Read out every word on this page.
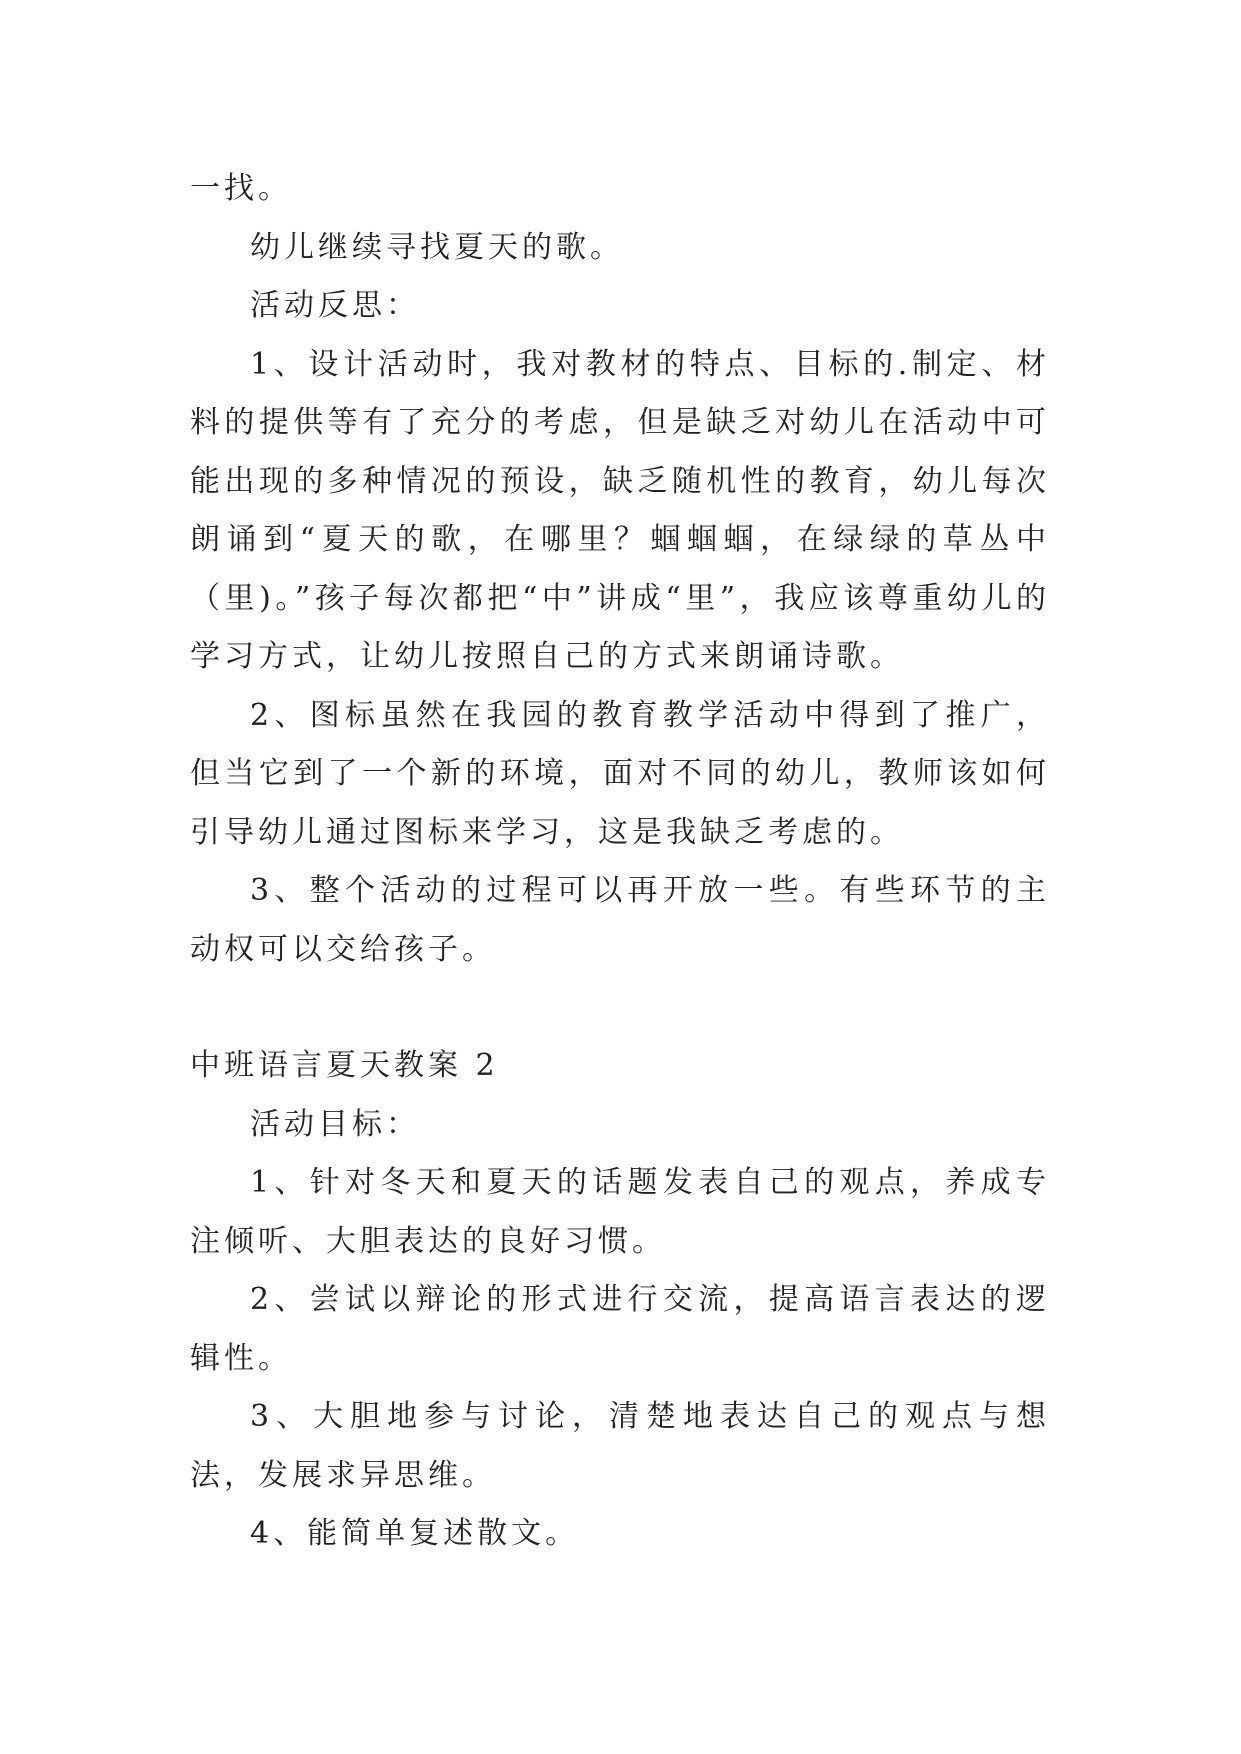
一找。

幼儿继续寻找夏天的歌。

活动反思：

1、设计活动时，我对教材的特点、目标的.制定、材料的提供等有了充分的考虑，但是缺乏对幼儿在活动中可能出现的多种情况的预设，缺乏随机性的教育，幼儿每次朗诵到“夏天的歌，在哪里？蝈蝈蝈，在绿绿的草丛中（里)。”孩子每次都把“中”讲成“里”，我应该尊重幼儿的学习方式，让幼儿按照自己的方式来朗诵诗歌。

2、图标虽然在我园的教育教学活动中得到了推广，但当它到了一个新的环境，面对不同的幼儿，教师该如何引导幼儿通过图标来学习，这是我缺乏考虑的。

3、整个活动的过程可以再开放一些。有些环节的主动权可以交给孩子。

中班语言夏天教案 2

活动目标：

1、针对冬天和夏天的话题发表自己的观点，养成专注倾听、大胆表达的良好习惯。

2、尝试以辩论的形式进行交流，提高语言表达的逻辑性。

3、大胆地参与讨论，清楚地表达自己的观点与想法，发展求异思维。

4、能简单复述散文。
